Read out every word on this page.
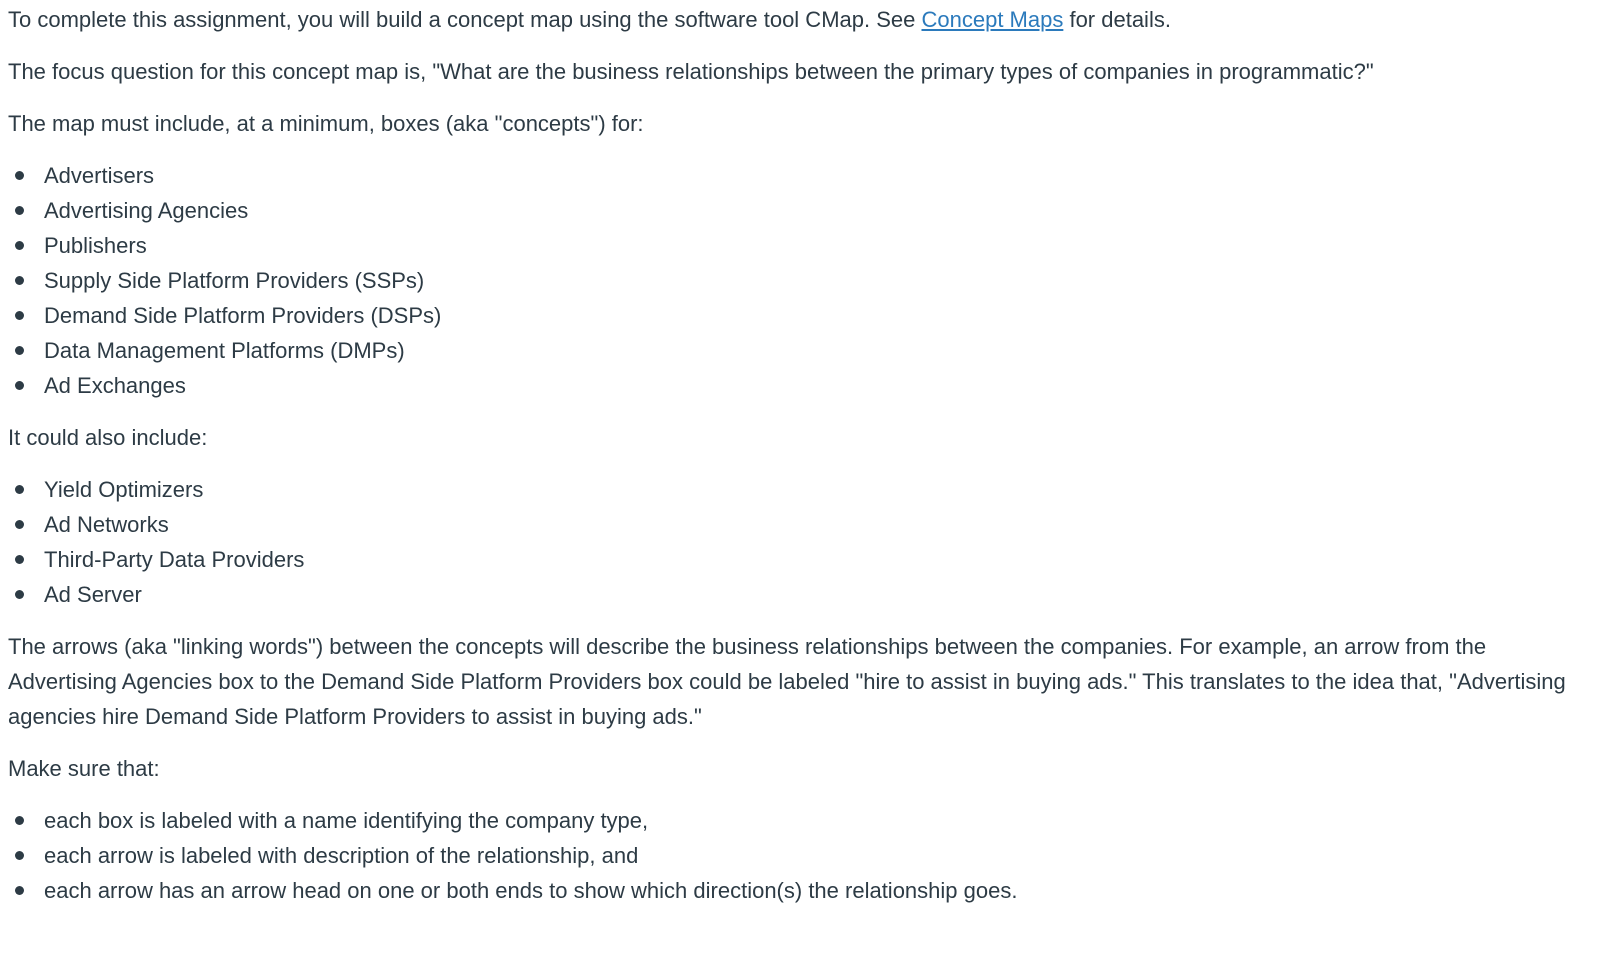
To complete this assignment, you will build a concept map using the software tool CMap. See Concept Maps for details.

The focus question for this concept map is, "What are the business relationships between the primary types of companies in programmatic?"

The map must include, at a minimum, boxes (aka "concepts") for:

Advertisers
Advertising Agencies
Publishers
Supply Side Platform Providers (SSPs)
Demand Side Platform Providers (DSPs)
Data Management Platforms (DMPs)
Ad Exchanges

It could also include:

Yield Optimizers
Ad Networks
Third-Party Data Providers
Ad Server

The arrows (aka "linking words") between the concepts will describe the business relationships between the companies. For example, an arrow from the Advertising Agencies box to the Demand Side Platform Providers box could be labeled "hire to assist in buying ads." This translates to the idea that, "Advertising agencies hire Demand Side Platform Providers to assist in buying ads."

Make sure that:

each box is labeled with a name identifying the company type,
each arrow is labeled with description of the relationship, and
each arrow has an arrow head on one or both ends to show which direction(s) the relationship goes.
